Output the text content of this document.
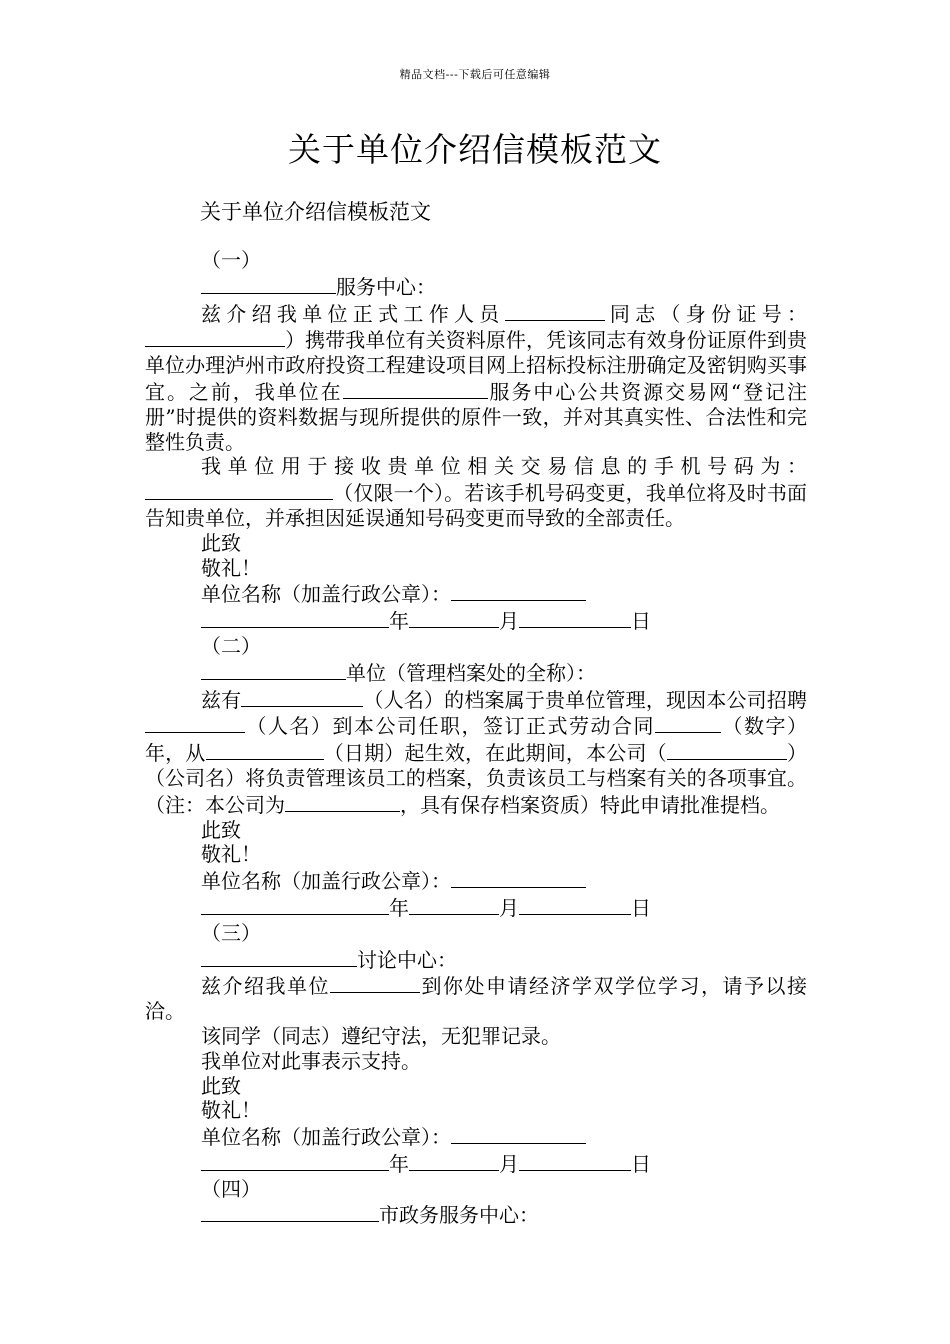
精品文档---下载后可任意编辑
关于单位介绍信模板范文
关于单位介绍信模板范文

（一）

服务中心：

兹介绍我单位正式工作人员	同志（身份证号：）携带我单位有关资料原件，凭该同志有效身份证原件到贵单位办理泸州市政府投资工程建设项目网上招标投标注册确定及密钥购买事宜。之前，我单位在	服务中心公共资源交易网“登记注册”时提供的资料数据与现所提供的原件一致，并对其真实性、合法性和完整性负责。

我单位用于接收贵单位相关交易信息的手机号码为：（仅限一个）。若该手机号码变更，我单位将及时书面告知贵单位，并承担因延误通知号码变更而导致的全部责任。

此致

敬礼！

单位名称（加盖行政公章）：

年	月	日

（二）

单位（管理档案处的全称）：

兹有	（人名）的档案属于贵单位管理，现因本公司招聘（人名）到本公司任职，签订正式劳动合同	（数字）年，从	（日期）起生效，在此期间，本公司（	）（公司名）将负责管理该员工的档案，负责该员工与档案有关的各项事宜。（注：本公司为	，具有保存档案资质）特此申请批准提档。

此致

敬礼！

单位名称（加盖行政公章）：

年	月	日

（三）

讨论中心：

兹介绍我单位	到你处申请经济学双学位学习，请予以接洽。

该同学（同志）遵纪守法，无犯罪记录。

我单位对此事表示支持。

此致

敬礼！

单位名称（加盖行政公章）：

年	月	日

（四）

市政务服务中心：
